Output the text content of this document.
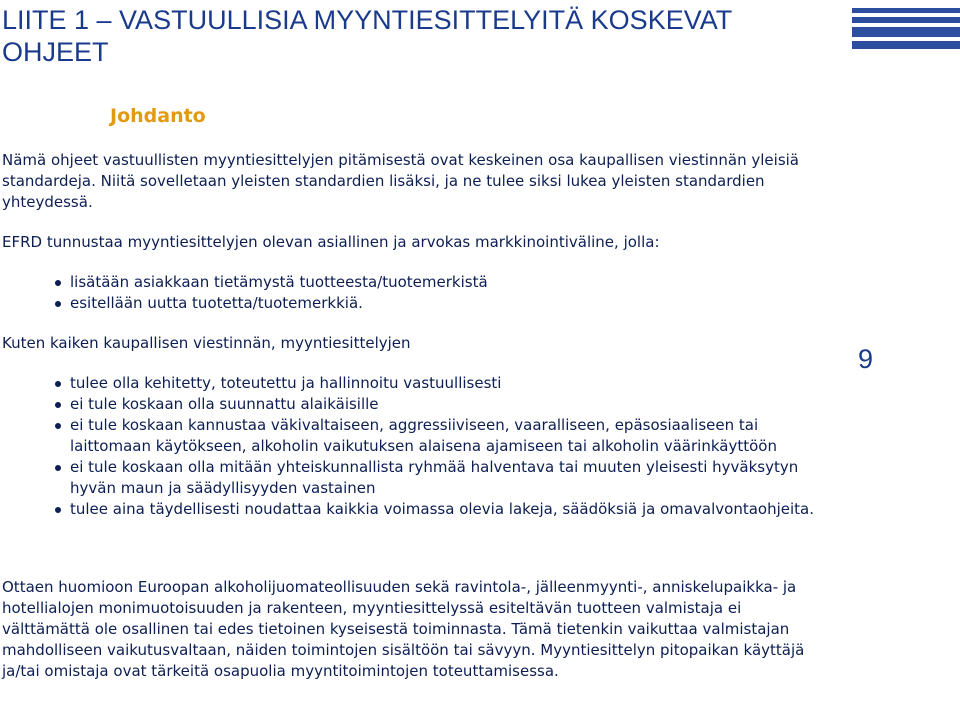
LIITE 1 – VASTUULLISIA MYYNTIESITTELYITÄ KOSKEVAT OHJEET
Johdanto

Nämä ohjeet vastuullisten myyntiesittelyjen pitämisestä ovat keskeinen osa kaupallisen viestinnän yleisiä standardeja. Niitä sovelletaan yleisten standardien lisäksi, ja ne tulee siksi lukea yleisten standardien yhteydessä.

EFRD tunnustaa myyntiesittelyjen olevan asiallinen ja arvokas markkinointiväline, jolla:

lisätään asiakkaan tietämystä tuotteesta/tuotemerkistä
esitellään uutta tuotetta/tuotemerkkiä.

Kuten kaiken kaupallisen viestinnän, myyntiesittelyjen

tulee olla kehitetty, toteutettu ja hallinnoitu vastuullisesti
ei tule koskaan olla suunnattu alaikäisille
ei tule koskaan kannustaa väkivaltaiseen, aggressiiviseen, vaaralliseen, epäsosiaaliseen tai laittomaan käytökseen, alkoholin vaikutuksen alaisena ajamiseen tai alkoholin väärinkäyttöön
ei tule koskaan olla mitään yhteiskunnallista ryhmää halventava tai muuten yleisesti hyväksytyn hyvän maun ja säädyllisyyden vastainen
tulee aina täydellisesti noudattaa kaikkia voimassa olevia lakeja, säädöksiä ja omavalvontaohjeita.

Ottaen huomioon Euroopan alkoholijuomateollisuuden sekä ravintola-, jälleenmyynti-, anniskelupaikka- ja hotellialojen monimuotoisuuden ja rakenteen, myyntiesittelyssä esiteltävän tuotteen valmistaja ei välttämättä ole osallinen tai edes tietoinen kyseisestä toiminnasta. Tämä tietenkin vaikuttaa valmistajan mahdolliseen vaikutusvaltaan, näiden toimintojen sisältöön tai sävyyn. Myyntiesittelyn pitopaikan käyttäjä ja/tai omistaja ovat tärkeitä osapuolia myyntitoimintojen toteuttamisessa.

9
